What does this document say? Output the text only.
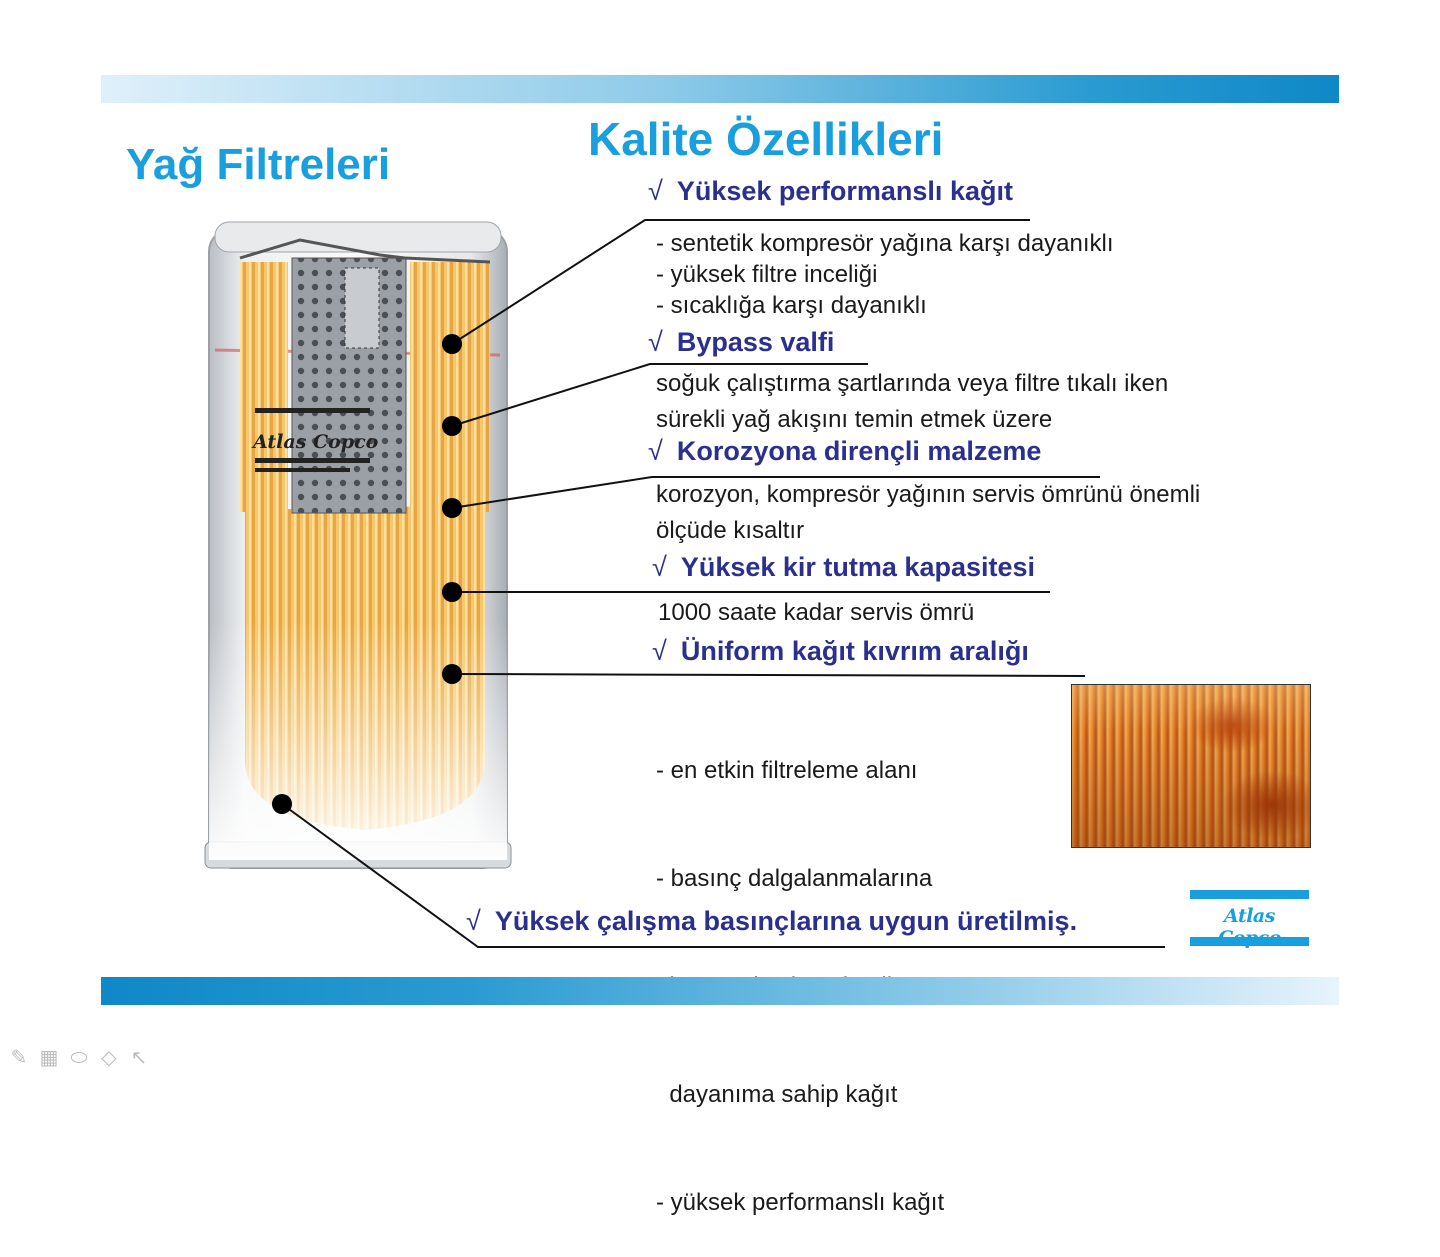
Yağ Filtreleri	Kalite Özellikleri
Atlas Copco
√ Yüksek performanslı kağıt
- sentetik kompresör yağına karşı dayanıklı
- yüksek filtre inceliği
- sıcaklığa karşı dayanıklı
√ Bypass valfi
soğuk çalıştırma şartlarında veya filtre tıkalı iken
sürekli yağ akışını temin etmek üzere
√ Korozyona dirençli malzeme
korozyon, kompresör yağının servis ömrünü önemli
ölçüde kısaltır
√ Yüksek kir tutma kapasitesi
1000 saate kadar servis ömrü
√ Üniform kağıt kıvrım aralığı

- en etkin filtreleme alanı

- basınç dalgalanmalarına

dayanıma sahip kağıt

- yüksek performanslı kağıt

√ Yüksek çalışma basınçlarına uygun üretilmiş.	Atlas
✎ ▦ ⬭ ◇ ↖
